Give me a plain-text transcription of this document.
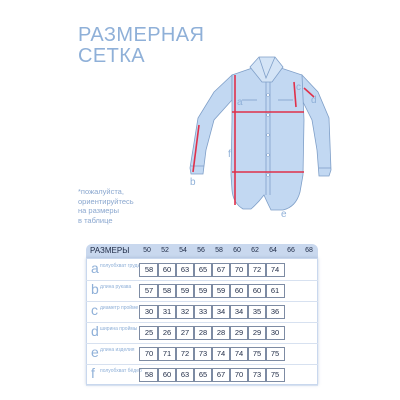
РАЗМЕРНАЯ
СЕТКА
a
b
c
d
e
f
*пожалуйста,
ориентируйтесь
на размеры
в таблице
РАЗМЕРЫ	50	52	54	56	58	60	62	64	66	68
a полуобхват груди 58	60	63	65	67	70	72	74
b длина рукава	57	58	59	59	59	60	60	61
c диаметр пройме 30	31	32	33	34	34	35	36
d ширина проймы 25	26	27	28	28	29	29	30
e длина изделия	70	71	72	73	74	74	75	75
f полуобхват бёдер 58	60	63	65	67	70	73	75
